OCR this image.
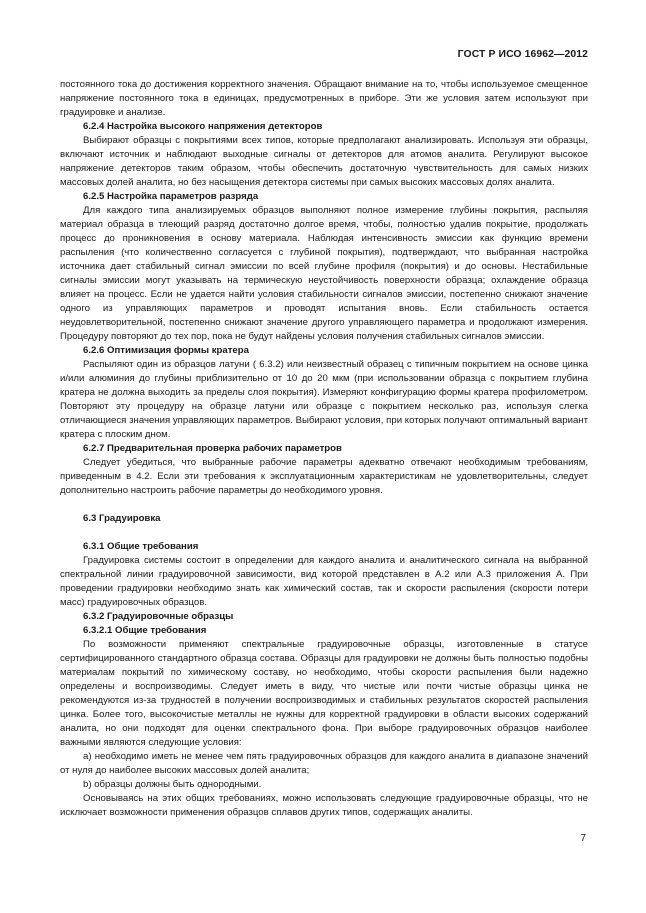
ГОСТ Р ИСО 16962—2012

постоянного тока до достижения корректного значения. Обращают внимание на то, чтобы используемое смещенное напряжение постоянного тока в единицах, предусмотренных в приборе. Эти же условия затем используют при градуировке и анализе.

6.2.4 Настройка высокого напряжения детекторов

Выбирают образцы с покрытиями всех типов, которые предполагают анализировать. Используя эти образцы, включают источник и наблюдают выходные сигналы от детекторов для атомов аналита. Регулируют высокое напряжение детекторов таким образом, чтобы обеспечить достаточную чувствительность для самых низких массовых долей аналита, но без насыщения детектора системы при самых высоких массовых долях аналита.

6.2.5 Настройка параметров разряда

Для каждого типа анализируемых образцов выполняют полное измерение глубины покрытия, распыляя материал образца в тлеющий разряд достаточно долгое время, чтобы, полностью удалив покрытие, продолжать процесс до проникновения в основу материала. Наблюдая интенсивность эмиссии как функцию времени распыления (что количественно согласуется с глубиной покрытия), подтверждают, что выбранная настройка источника дает стабильный сигнал эмиссии по всей глубине профиля (покрытия) и до основы. Нестабильные сигналы эмиссии могут указывать на термическую неустойчивость поверхности образца; охлаждение образца влияет на процесс. Если не удается найти условия стабильности сигналов эмиссии, постепенно снижают значение одного из управляющих параметров и проводят испытания вновь. Если стабильность остается неудовлетворительной, постепенно снижают значение другого управляющего параметра и продолжают измерения. Процедуру повторяют до тех пор, пока не будут найдены условия получения стабильных сигналов эмиссии.

6.2.6 Оптимизация формы кратера

Распыляют один из образцов латуни ( 6.3.2) или неизвестный образец с типичным покрытием на основе цинка и/или алюминия до глубины приблизительно от 10 до 20 мкм (при использовании образца с покрытием глубина кратера не должна выходить за пределы слоя покрытия). Измеряют конфигурацию формы кратера профилометром. Повторяют эту процедуру на образце латуни или образце с покрытием несколько раз, используя слегка отличающиеся значения управляющих параметров. Выбирают условия, при которых получают оптимальный вариант кратера с плоским дном.

6.2.7 Предварительная проверка рабочих параметров

Следует убедиться, что выбранные рабочие параметры адекватно отвечают необходимым требованиям, приведенным в 4.2. Если эти требования к эксплуатационным характеристикам не удовлетворительны, следует дополнительно настроить рабочие параметры до необходимого уровня.

6.3 Градуировка

6.3.1 Общие требования

Градуировка системы состоит в определении для каждого аналита и аналитического сигнала на выбранной спектральной линии градуировочной зависимости, вид которой представлен в А.2 или А.3 приложения А. При проведении градуировки необходимо знать как химический состав, так и скорости распыления (скорости потери масс) градуировочных образцов.

6.3.2 Градуировочные образцы

6.3.2.1 Общие требования

По возможности применяют спектральные градуировочные образцы, изготовленные в статусе сертифицированного стандартного образца состава. Образцы для градуировки не должны быть полностью подобны материалам покрытий по химическому составу, но необходимо, чтобы скорости распыления были надежно определены и воспроизводимы. Следует иметь в виду, что чистые или почти чистые образцы цинка не рекомендуются из-за трудностей в получении воспроизводимых и стабильных результатов скоростей распыления цинка. Более того, высокочистые металлы не нужны для корректной градуировки в области высоких содержаний аналита, но они подходят для оценки спектрального фона. При выборе градуировочных образцов наиболее важными являются следующие условия:

a) необходимо иметь не менее чем пять градуировочных образцов для каждого аналита в диапазоне значений от нуля до наиболее высоких массовых долей аналита;

b) образцы должны быть однородными.

Основываясь на этих общих требованиях, можно использовать следующие градуировочные образцы, что не исключает возможности применения образцов сплавов других типов, содержащих аналиты.

7
